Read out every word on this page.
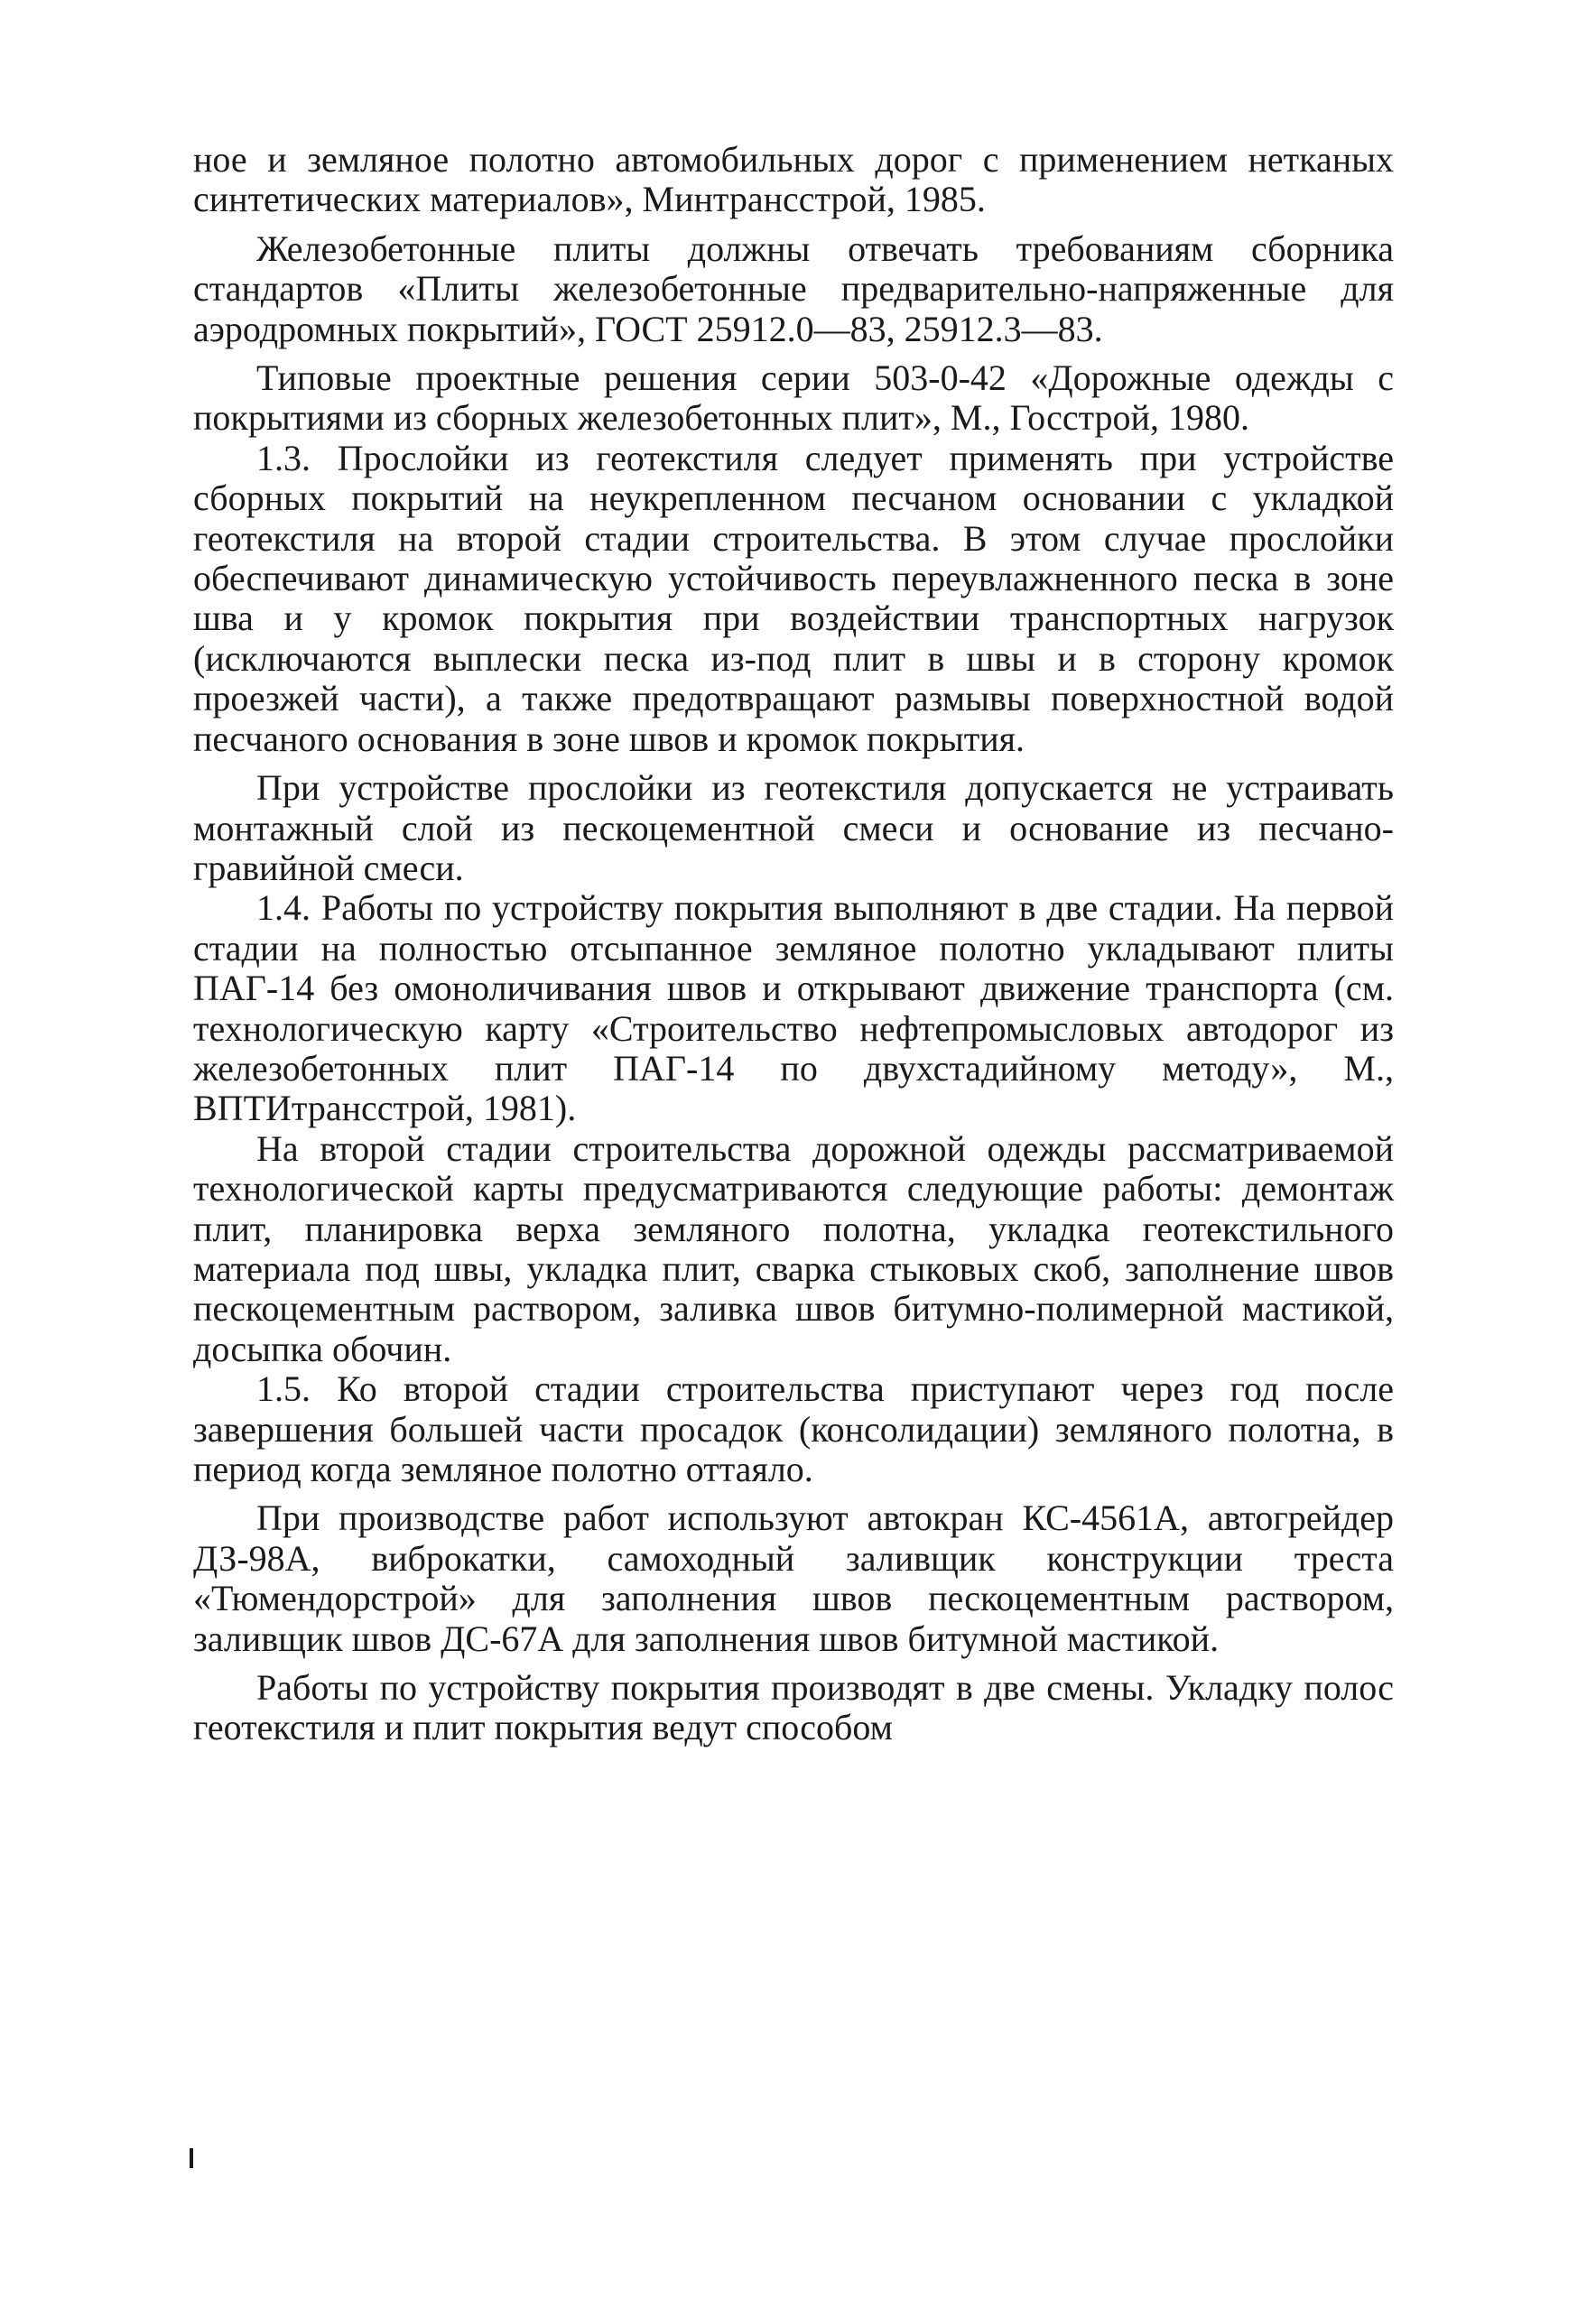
ное и земляное полотно автомобильных дорог с применением нетканых синтетических материалов», Минтрансстрой, 1985.

Железобетонные плиты должны отвечать требованиям сборника стандартов «Плиты железобетонные предварительно-напряженные для аэродромных покрытий», ГОСТ 25912.0—83, 25912.3—83.

Типовые проектные решения серии 503-0-42 «Дорожные одежды с покрытиями из сборных железобетонных плит», М., Госстрой, 1980.

1.3. Прослойки из геотекстиля следует применять при устройстве сборных покрытий на неукрепленном песчаном основании с укладкой геотекстиля на второй стадии строительства. В этом случае прослойки обеспечивают динамическую устойчивость переувлажненного песка в зоне шва и у кромок покрытия при воздействии транспортных нагрузок (исключаются выплески песка из-под плит в швы и в сторону кромок проезжей части), а также предотвращают размывы поверхностной водой песчаного основания в зоне швов и кромок покрытия.

При устройстве прослойки из геотекстиля допускается не устраивать монтажный слой из пескоцементной смеси и основание из песчано-гравийной смеси.

1.4. Работы по устройству покрытия выполняют в две стадии. На первой стадии на полностью отсыпанное земляное полотно укладывают плиты ПАГ-14 без омоноличивания швов и открывают движение транспорта (см. технологическую карту «Строительство нефтепромысловых автодорог из железобетонных плит ПАГ-14 по двухстадийному методу», М., ВПТИтрансстрой, 1981).

На второй стадии строительства дорожной одежды рассматриваемой технологической карты предусматриваются следующие работы: демонтаж плит, планировка верха земляного полотна, укладка геотекстильного материала под швы, укладка плит, сварка стыковых скоб, заполнение швов пескоцементным раствором, заливка швов битумно-полимерной мастикой, досыпка обочин.

1.5. Ко второй стадии строительства приступают через год после завершения большей части просадок (консолидации) земляного полотна, в период когда земляное полотно оттаяло.

При производстве работ используют автокран КС-4561А, автогрейдер ДЗ-98А, виброкатки, самоходный заливщик конструкции треста «Тюмендорстрой» для заполнения швов пескоцементным раствором, заливщик швов ДС-67А для заполнения швов битумной мастикой.

Работы по устройству покрытия производят в две смены. Укладку полос геотекстиля и плит покрытия ведут способом
